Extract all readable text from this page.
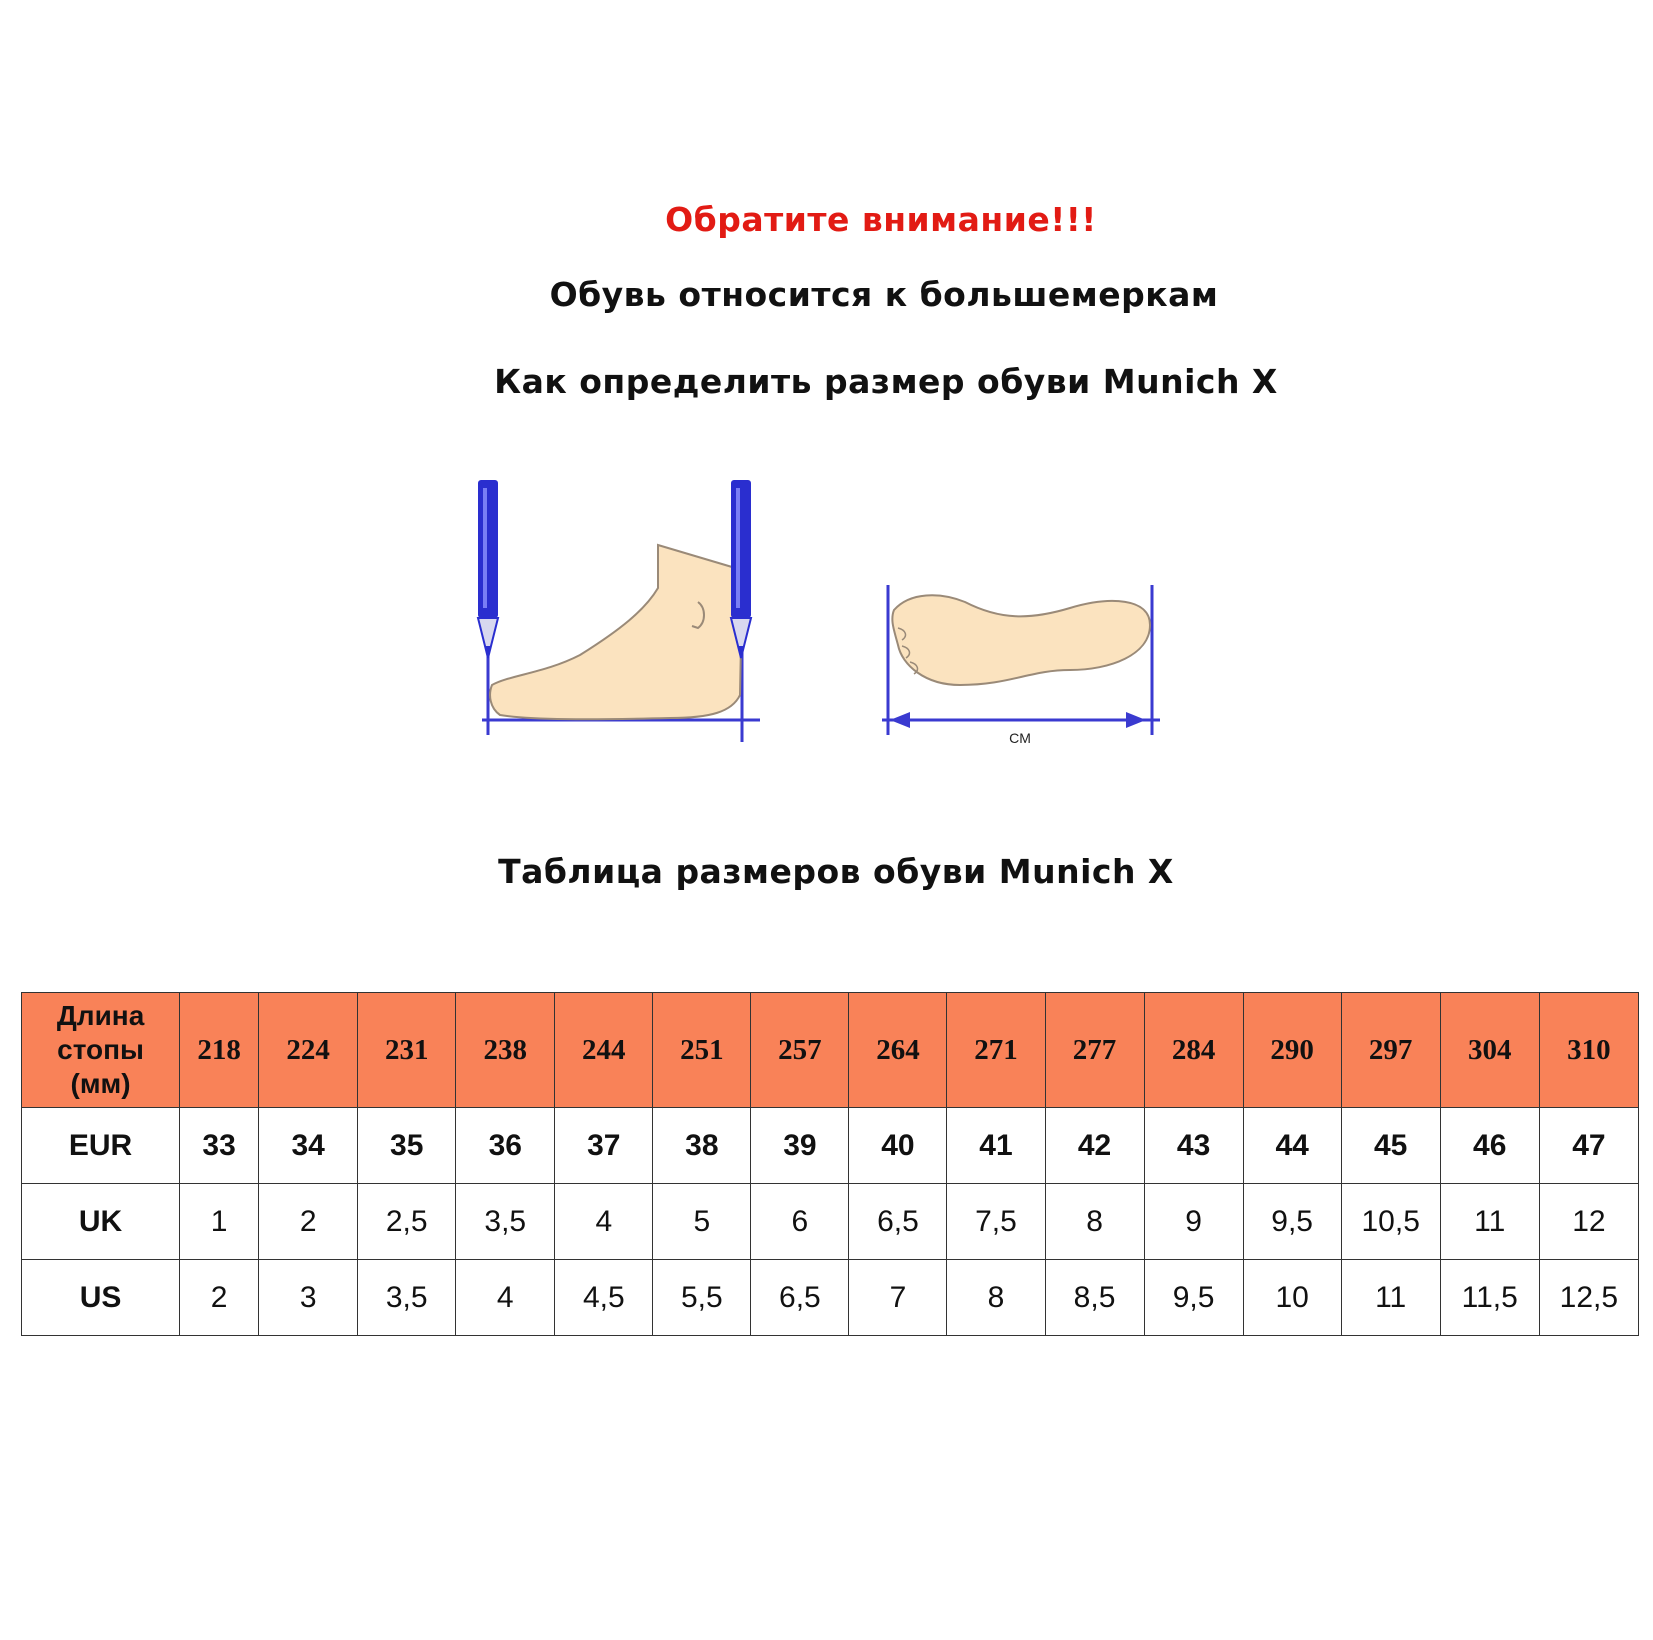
Обратите внимание!!!
Обувь относится к большемеркам
Как определить размер обуви Munich X
CM
Таблица размеров обуви Munich X
Длина
стопы
(мм)	218	224	231	238	244	251	257	264	271	277	284	290	297	304	310
EUR	33	34	35	36	37	38	39	40	41	42	43	44	45	46	47
UK	1	2	2,5	3,5	4	5	6	6,5	7,5	8	9	9,5	10,5	11	12
US	2	3	3,5	4	4,5	5,5	6,5	7	8	8,5	9,5	10	11	11,5	12,5
